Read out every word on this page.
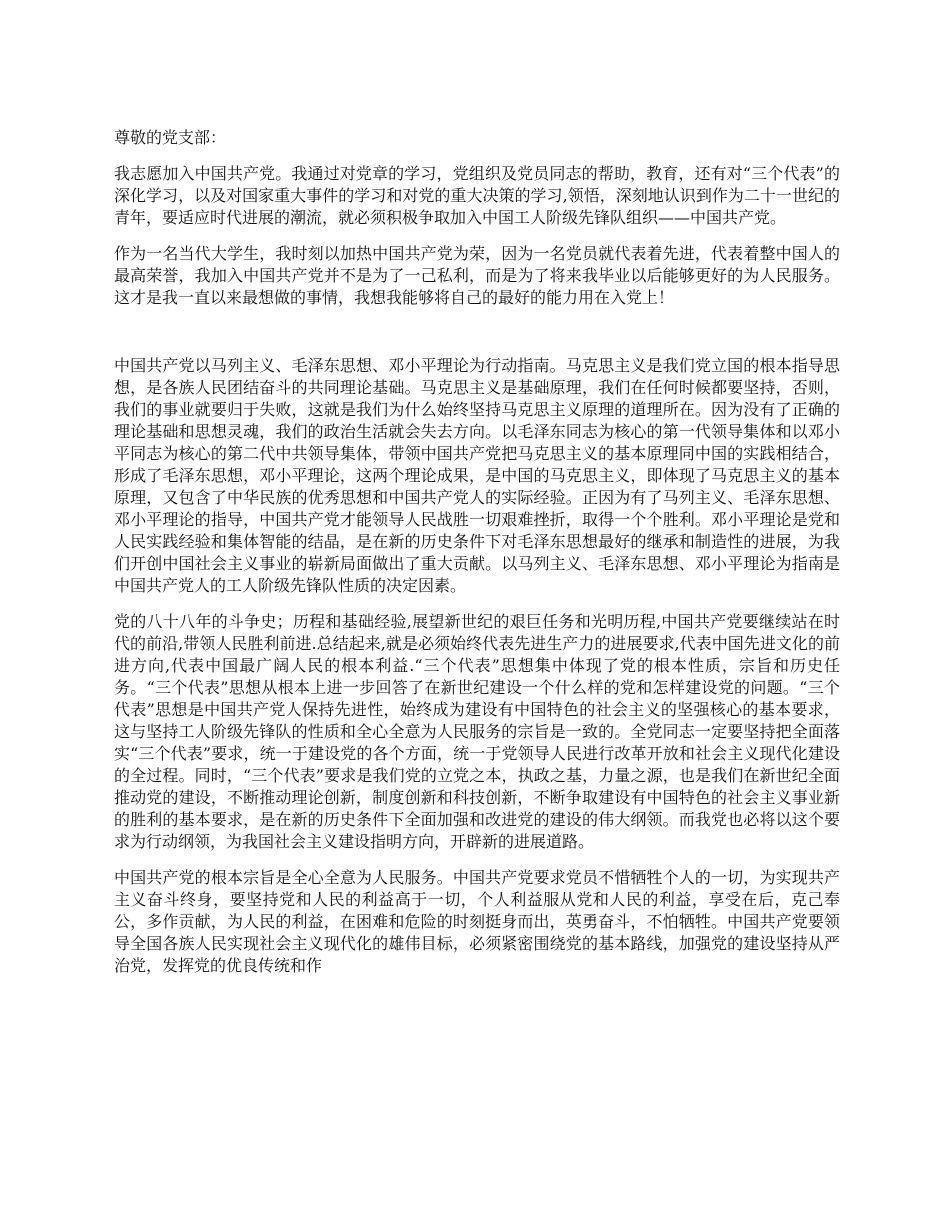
尊敬的党支部：

我志愿加入中国共产党。我通过对党章的学习，党组织及党员同志的帮助，教育，还有对“三个代表”的深化学习，以及对国家重大事件的学习和对党的重大决策的学习,领悟，深刻地认识到作为二十一世纪的青年，要适应时代进展的潮流，就必须积极争取加入中国工人阶级先锋队组织——中国共产党。

作为一名当代大学生，我时刻以加热中国共产党为荣，因为一名党员就代表着先进，代表着整中国人的最高荣誉，我加入中国共产党并不是为了一己私利，而是为了将来我毕业以后能够更好的为人民服务。这才是我一直以来最想做的事情，我想我能够将自己的最好的能力用在入党上！

中国共产党以马列主义、毛泽东思想、邓小平理论为行动指南。马克思主义是我们党立国的根本指导思想，是各族人民团结奋斗的共同理论基础。马克思主义是基础原理，我们在任何时候都要坚持，否则，我们的事业就要归于失败，这就是我们为什么始终坚持马克思主义原理的道理所在。因为没有了正确的理论基础和思想灵魂，我们的政治生活就会失去方向。以毛泽东同志为核心的第一代领导集体和以邓小平同志为核心的第二代中共领导集体，带领中国共产党把马克思主义的基本原理同中国的实践相结合，形成了毛泽东思想，邓小平理论，这两个理论成果，是中国的马克思主义，即体现了马克思主义的基本原理，又包含了中华民族的优秀思想和中国共产党人的实际经验。正因为有了马列主义、毛泽东思想、邓小平理论的指导，中国共产党才能领导人民战胜一切艰难挫折，取得一个个胜利。邓小平理论是党和人民实践经验和集体智能的结晶，是在新的历史条件下对毛泽东思想最好的继承和制造性的进展，为我们开创中国社会主义事业的崭新局面做出了重大贡献。以马列主义、毛泽东思想、邓小平理论为指南是中国共产党人的工人阶级先锋队性质的决定因素。

党的八十八年的斗争史；历程和基础经验,展望新世纪的艰巨任务和光明历程,中国共产党要继续站在时代的前沿,带领人民胜利前进.总结起来,就是必须始终代表先进生产力的进展要求,代表中国先进文化的前进方向,代表中国最广阔人民的根本利益.“三个代表”思想集中体现了党的根本性质，宗旨和历史任务。“三个代表”思想从根本上进一步回答了在新世纪建设一个什么样的党和怎样建设党的问题。“三个代表”思想是中国共产党人保持先进性，始终成为建设有中国特色的社会主义的坚强核心的基本要求，这与坚持工人阶级先锋队的性质和全心全意为人民服务的宗旨是一致的。全党同志一定要坚持把全面落实“三个代表”要求，统一于建设党的各个方面，统一于党领导人民进行改革开放和社会主义现代化建设的全过程。同时，“三个代表”要求是我们党的立党之本，执政之基，力量之源，也是我们在新世纪全面推动党的建设，不断推动理论创新，制度创新和科技创新，不断争取建设有中国特色的社会主义事业新的胜利的基本要求，是在新的历史条件下全面加强和改进党的建设的伟大纲领。而我党也必将以这个要求为行动纲领，为我国社会主义建设指明方向，开辟新的进展道路。

中国共产党的根本宗旨是全心全意为人民服务。中国共产党要求党员不惜牺牲个人的一切，为实现共产主义奋斗终身，要坚持党和人民的利益高于一切，个人利益服从党和人民的利益，享受在后，克己奉公，多作贡献，为人民的利益，在困难和危险的时刻挺身而出，英勇奋斗，不怕牺牲。中国共产党要领导全国各族人民实现社会主义现代化的雄伟目标，必须紧密围绕党的基本路线，加强党的建设坚持从严治党，发挥党的优良传统和作
